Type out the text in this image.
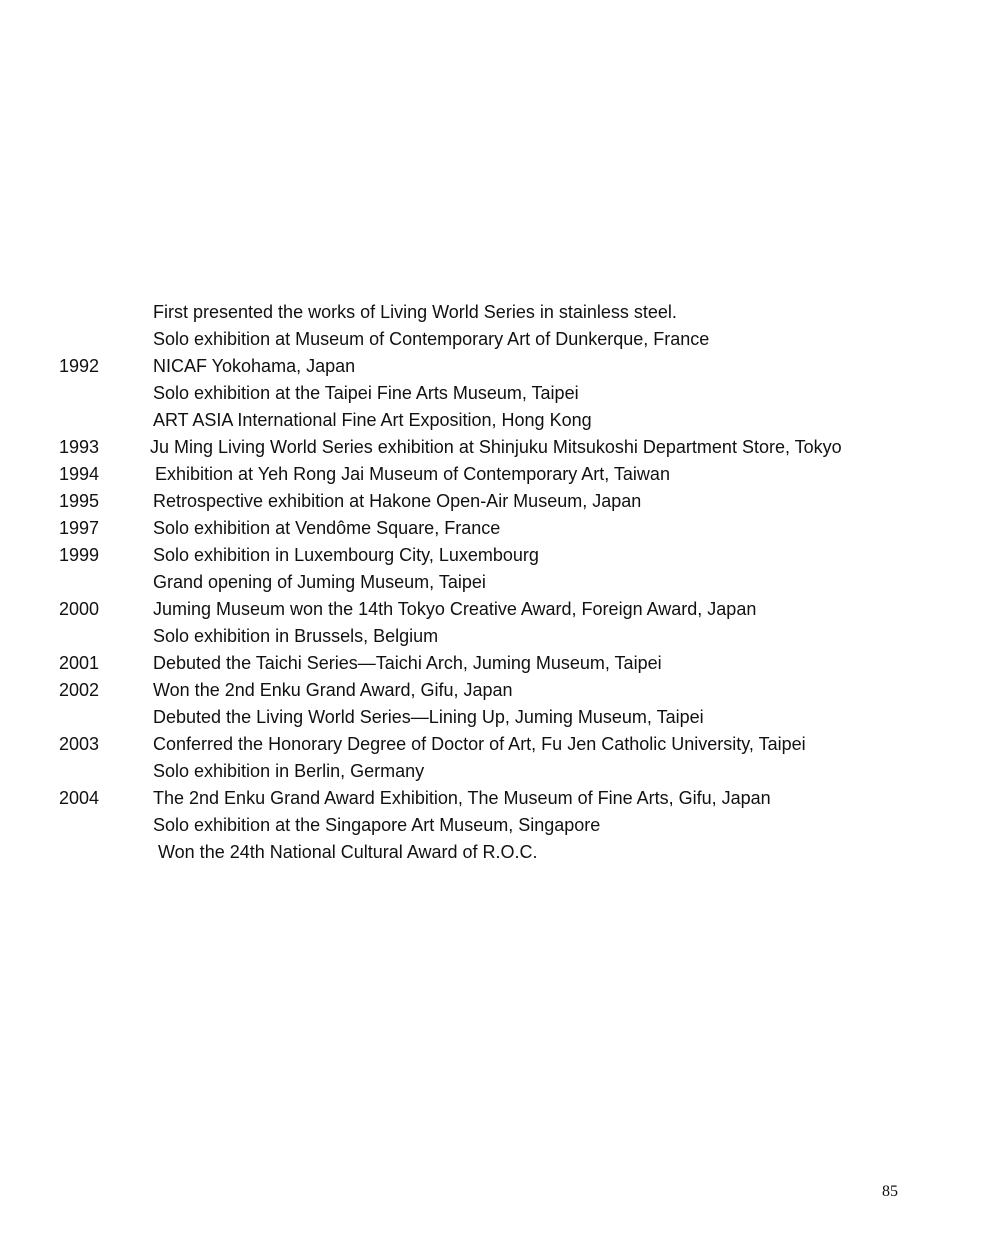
First presented the works of Living World Series in stainless steel.
Solo exhibition at Museum of Contemporary Art of Dunkerque, France
1992	NICAF Yokohama, Japan
Solo exhibition at the Taipei Fine Arts Museum, Taipei
ART ASIA International Fine Art Exposition, Hong Kong
1993	Ju Ming Living World Series exhibition at Shinjuku Mitsukoshi Department Store, Tokyo
1994	Exhibition at Yeh Rong Jai Museum of Contemporary Art, Taiwan
1995	Retrospective exhibition at Hakone Open-Air Museum, Japan
1997	Solo exhibition at Vendôme Square, France
1999	Solo exhibition in Luxembourg City, Luxembourg
Grand opening of Juming Museum, Taipei
2000	Juming Museum won the 14th Tokyo Creative Award, Foreign Award, Japan
Solo exhibition in Brussels, Belgium
2001	Debuted the Taichi Series—Taichi Arch, Juming Museum, Taipei
2002	Won the 2nd Enku Grand Award, Gifu, Japan
Debuted the Living World Series—Lining Up, Juming Museum, Taipei
2003	Conferred the Honorary Degree of Doctor of Art, Fu Jen Catholic University, Taipei
Solo exhibition in Berlin, Germany
2004	The 2nd Enku Grand Award Exhibition, The Museum of Fine Arts, Gifu, Japan
Solo exhibition at the Singapore Art Museum, Singapore
Won the 24th National Cultural Award of R.O.C.
85
